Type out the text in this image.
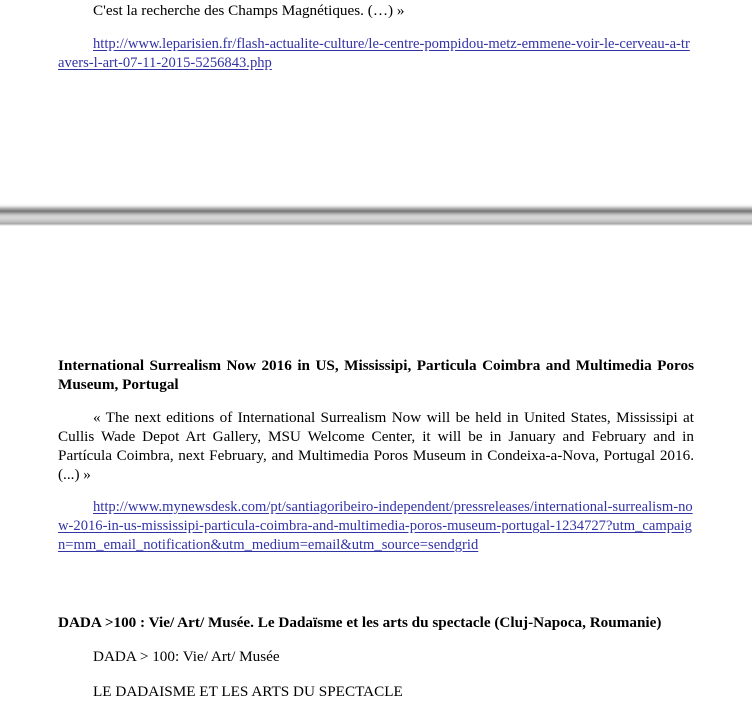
C'est la recherche des Champs Magnétiques. (…) »

http://www.leparisien.fr/flash-actualite-culture/le-centre-pompidou-metz-emmene-voir-le-cerveau-a-travers-l-art-07-11-2015-5256843.php

International Surrealism Now 2016 in US, Mississipi, Particula Coimbra and Multimedia Poros Museum, Portugal

« The next editions of International Surrealism Now will be held in United States, Mississipi at Cullis Wade Depot Art Gallery, MSU Welcome Center, it will be in January and February and in Partícula Coimbra, next February, and Multimedia Poros Museum in Condeixa-a-Nova, Portugal 2016. (...) »

http://www.mynewsdesk.com/pt/santiagoribeiro-independent/pressreleases/international-surrealism-now-2016-in-us-mississipi-particula-coimbra-and-multimedia-poros-museum-portugal-1234727?utm_campaign=mm_email_notification&utm_medium=email&utm_source=sendgrid

DADA >100 : Vie/ Art/ Musée. Le Dadaïsme et les arts du spectacle (Cluj-Napoca, Roumanie)

DADA > 100: Vie/ Art/ Musée

LE DADAISME ET LES ARTS DU SPECTACLE
